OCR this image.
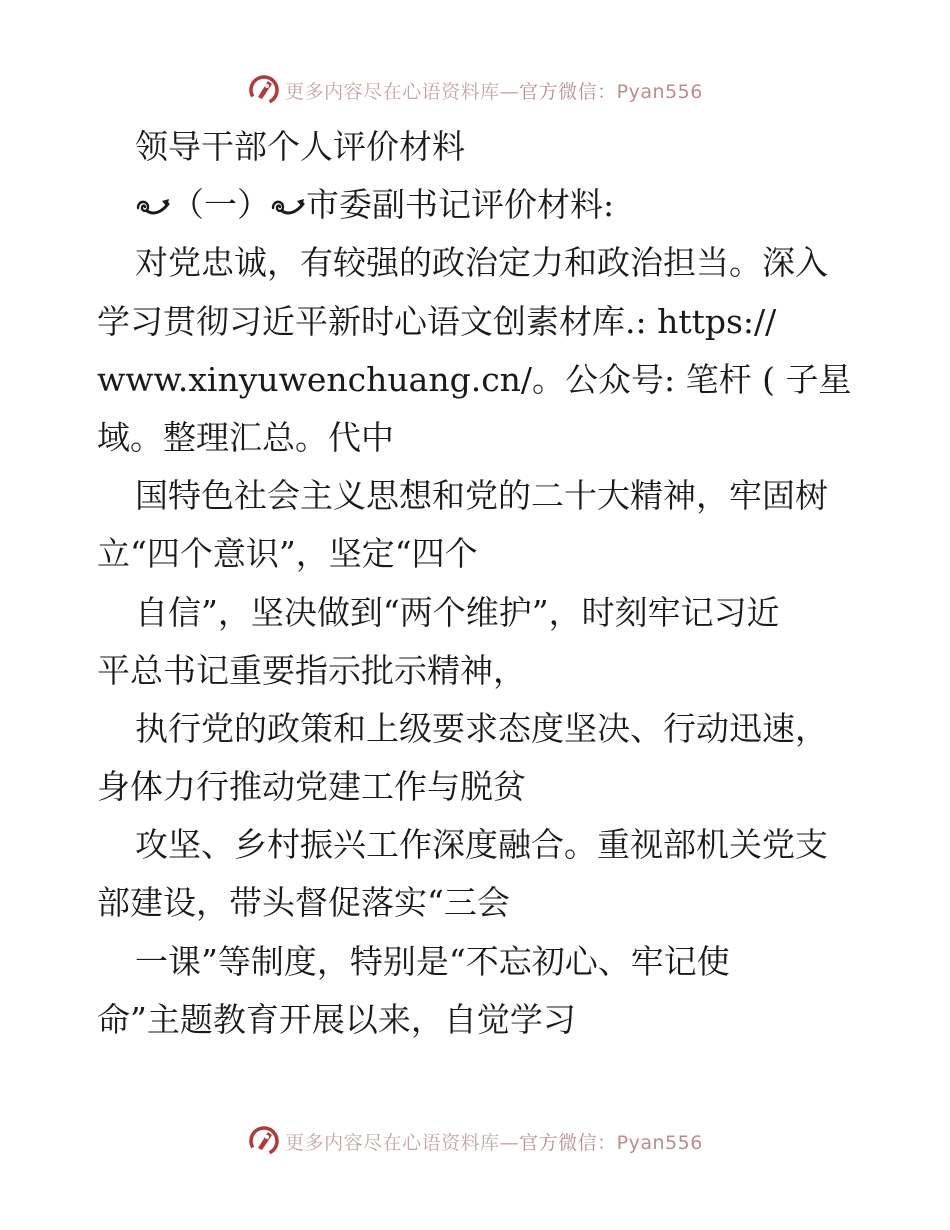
更多内容尽在心语资料库—官方微信：Pyan556
领导干部个人评价材料
（一） 市委副书记评价材料:
对党忠诚，有较强的政治定力和政治担当。深入
学习贯彻习近平新时心语文创素材库.: https://
www.xinyuwenchuang.cn/。公众号: 笔杆 ( 子星
域。整理汇总。代中
国特色社会主义思想和党的二十大精神，牢固树
立“四个意识”，坚定“四个
自信”，坚决做到“两个维护”，时刻牢记习近
平总书记重要指示批示精神，
执行党的政策和上级要求态度坚决、行动迅速，
身体力行推动党建工作与脱贫
攻坚、乡村振兴工作深度融合。重视部机关党支
部建设，带头督促落实“三会
一课”等制度，特别是“不忘初心、牢记使
命”主题教育开展以来，自觉学习
更多内容尽在心语资料库—官方微信：Pyan556
